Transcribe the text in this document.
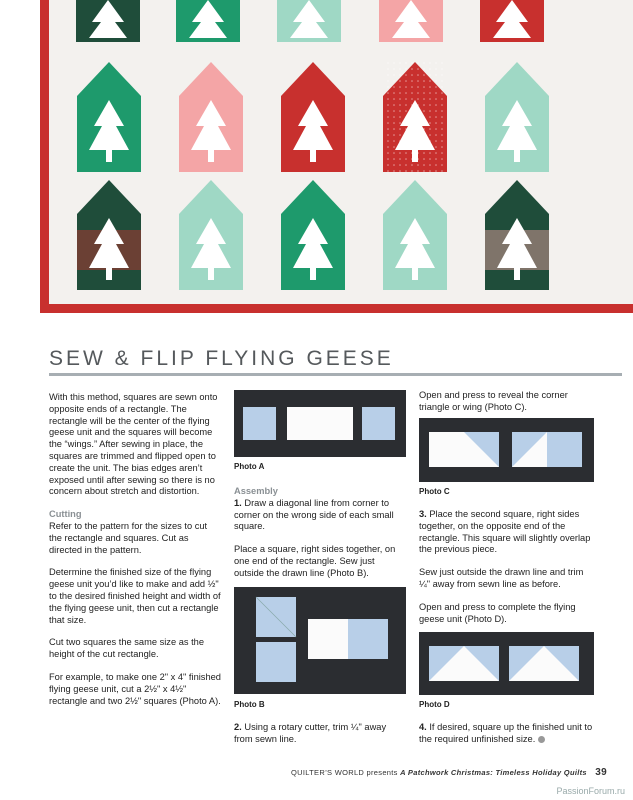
SEW & FLIP FLYING GEESE

With this method, squares are sewn onto opposite ends of a rectangle. The rectangle will be the center of the flying geese unit and the squares will become the “wings.” After sewing in place, the squares are trimmed and flipped open to create the unit. The bias edges aren’t exposed until after sewing so there is no concern about stretch and distortion.

Cutting

Refer to the pattern for the sizes to cut the rectangle and squares. Cut as directed in the pattern.

Determine the finished size of the flying geese unit you’d like to make and add ½" to the desired finished height and width of the flying geese unit, then cut a rectangle that size.

Cut two squares the same size as the height of the cut rectangle.

For example, to make one 2" x 4" finished flying geese unit, cut a 2½" x 4½" rectangle and two 2½" squares (Photo A).

Photo A
Assembly

1. Draw a diagonal line from corner to corner on the wrong side of each small square.

Place a square, right sides together, on one end of the rectangle. Sew just outside the drawn line (Photo B).

Photo B

2. Using a rotary cutter, trim ¼" away from sewn line.

Open and press to reveal the corner triangle or wing (Photo C).

Photo C

3. Place the second square, right sides together, on the opposite end of the rectangle. This square will slightly overlap the previous piece.

Sew just outside the drawn line and trim ¼" away from sewn line as before.

Open and press to complete the flying geese unit (Photo D).

Photo D

4. If desired, square up the finished unit to the required unfinished size.

QUILTER’S WORLD presents A Patchwork Christmas: Timeless Holiday Quilts 39
PassionForum.ru
